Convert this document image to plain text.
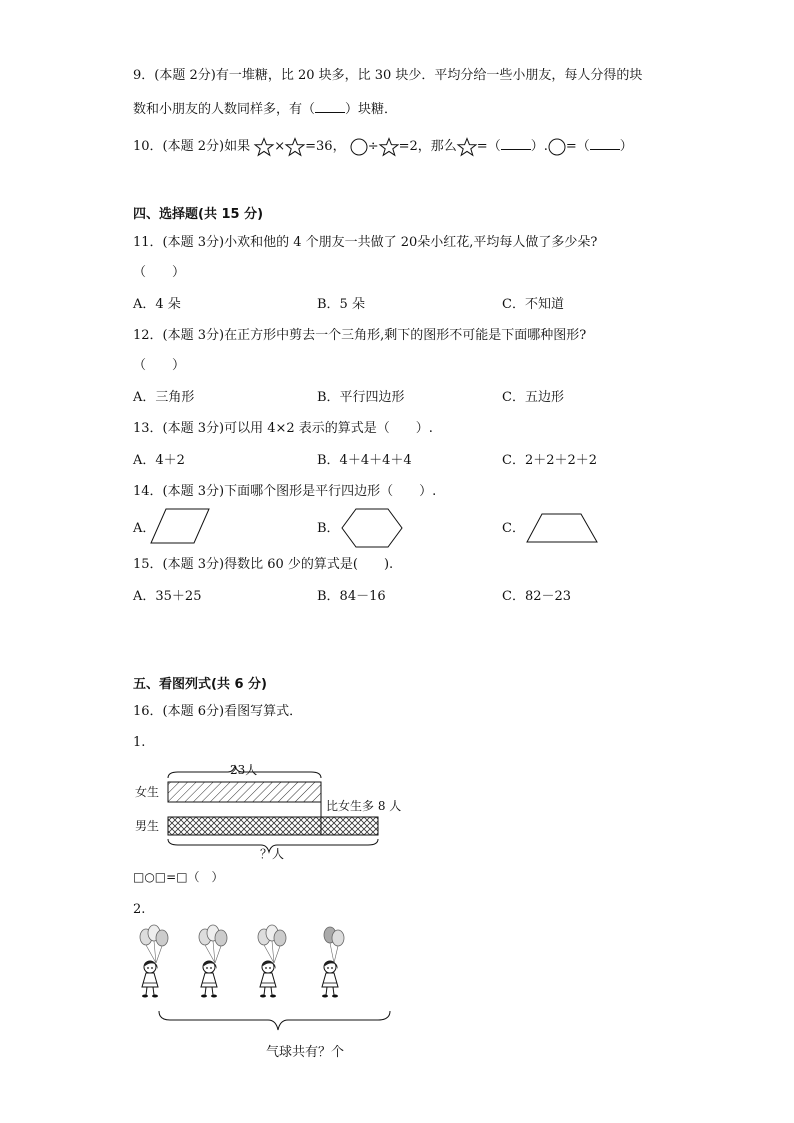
9．(本题 2分)有一堆糖，比 20 块多，比 30 块少．平均分给一些小朋友，每人分得的块
数和小朋友的人数同样多，有（ ）块糖．
10．(本题 2分)如果 × =36， ÷ =2，那么 =（ ）. =（ ）
四、选择题(共 15 分)
11．(本题 3分)小欢和他的 4 个朋友一共做了 20朵小红花,平均每人做了多少朵?
（　　）
A．4 朵	B．5 朵	C．不知道
12．(本题 3分)在正方形中剪去一个三角形,剩下的图形不可能是下面哪种图形?
（　　）
A．三角形	B．平行四边形	C．五边形
13．(本题 3分)可以用 4×2 表示的算式是（　　）.
A．4＋2	B．4＋4＋4＋4	C．2＋2＋2＋2
14．(本题 3分)下面哪个图形是平行四边形（　　）.
A．	B．	C．
15．(本题 3分)得数比 60 少的算式是(　　).
A．35＋25	B．84－16	C．82－23
五、看图列式(共 6 分)
16．(本题 6分)看图写算式．
1.
23人
女生
男生
比女生多 8 人
？人
□○□=□（　）
2.
气球共有？个
